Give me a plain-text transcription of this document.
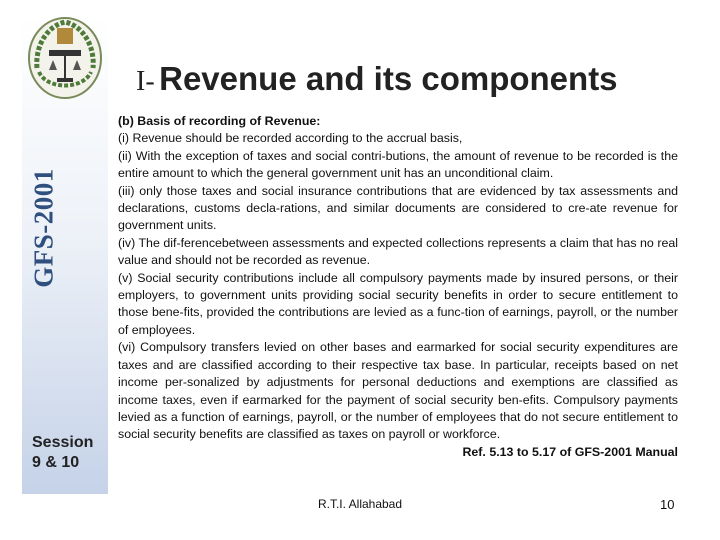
GFS-2001
Session
9 & 10
I- Revenue and its components
(b) Basis of recording of Revenue:
(i) Revenue should be recorded according to the accrual basis,
(ii) With the exception of taxes and social contri-butions, the amount of revenue to be recorded is the entire amount to which the general government unit has an unconditional claim.
(iii) only those taxes and social insurance contributions that are evidenced by tax assessments and declarations, customs decla-rations, and similar documents are considered to cre-ate revenue for government units.
(iv) The dif-ferencebetween assessments and expected collections represents a claim that has no real value and should not be recorded as revenue.
(v) Social security contributions include all compulsory payments made by insured persons, or their employers, to government units providing social security benefits in order to secure entitlement to those bene-fits, provided the contributions are levied as a func-tion of earnings, payroll, or the number of employees.
(vi) Compulsory transfers levied on other bases and earmarked for social security expenditures are taxes and are classified according to their respective tax base. In particular, receipts based on net income per-sonalized by adjustments for personal deductions and exemptions are classified as income taxes, even if earmarked for the payment of social security ben-efits. Compulsory payments levied as a function of earnings, payroll, or the number of employees that do not secure entitlement to social security benefits are classified as taxes on payroll or workforce.
Ref. 5.13 to 5.17 of GFS-2001 Manual
R.T.I. Allahabad	10
